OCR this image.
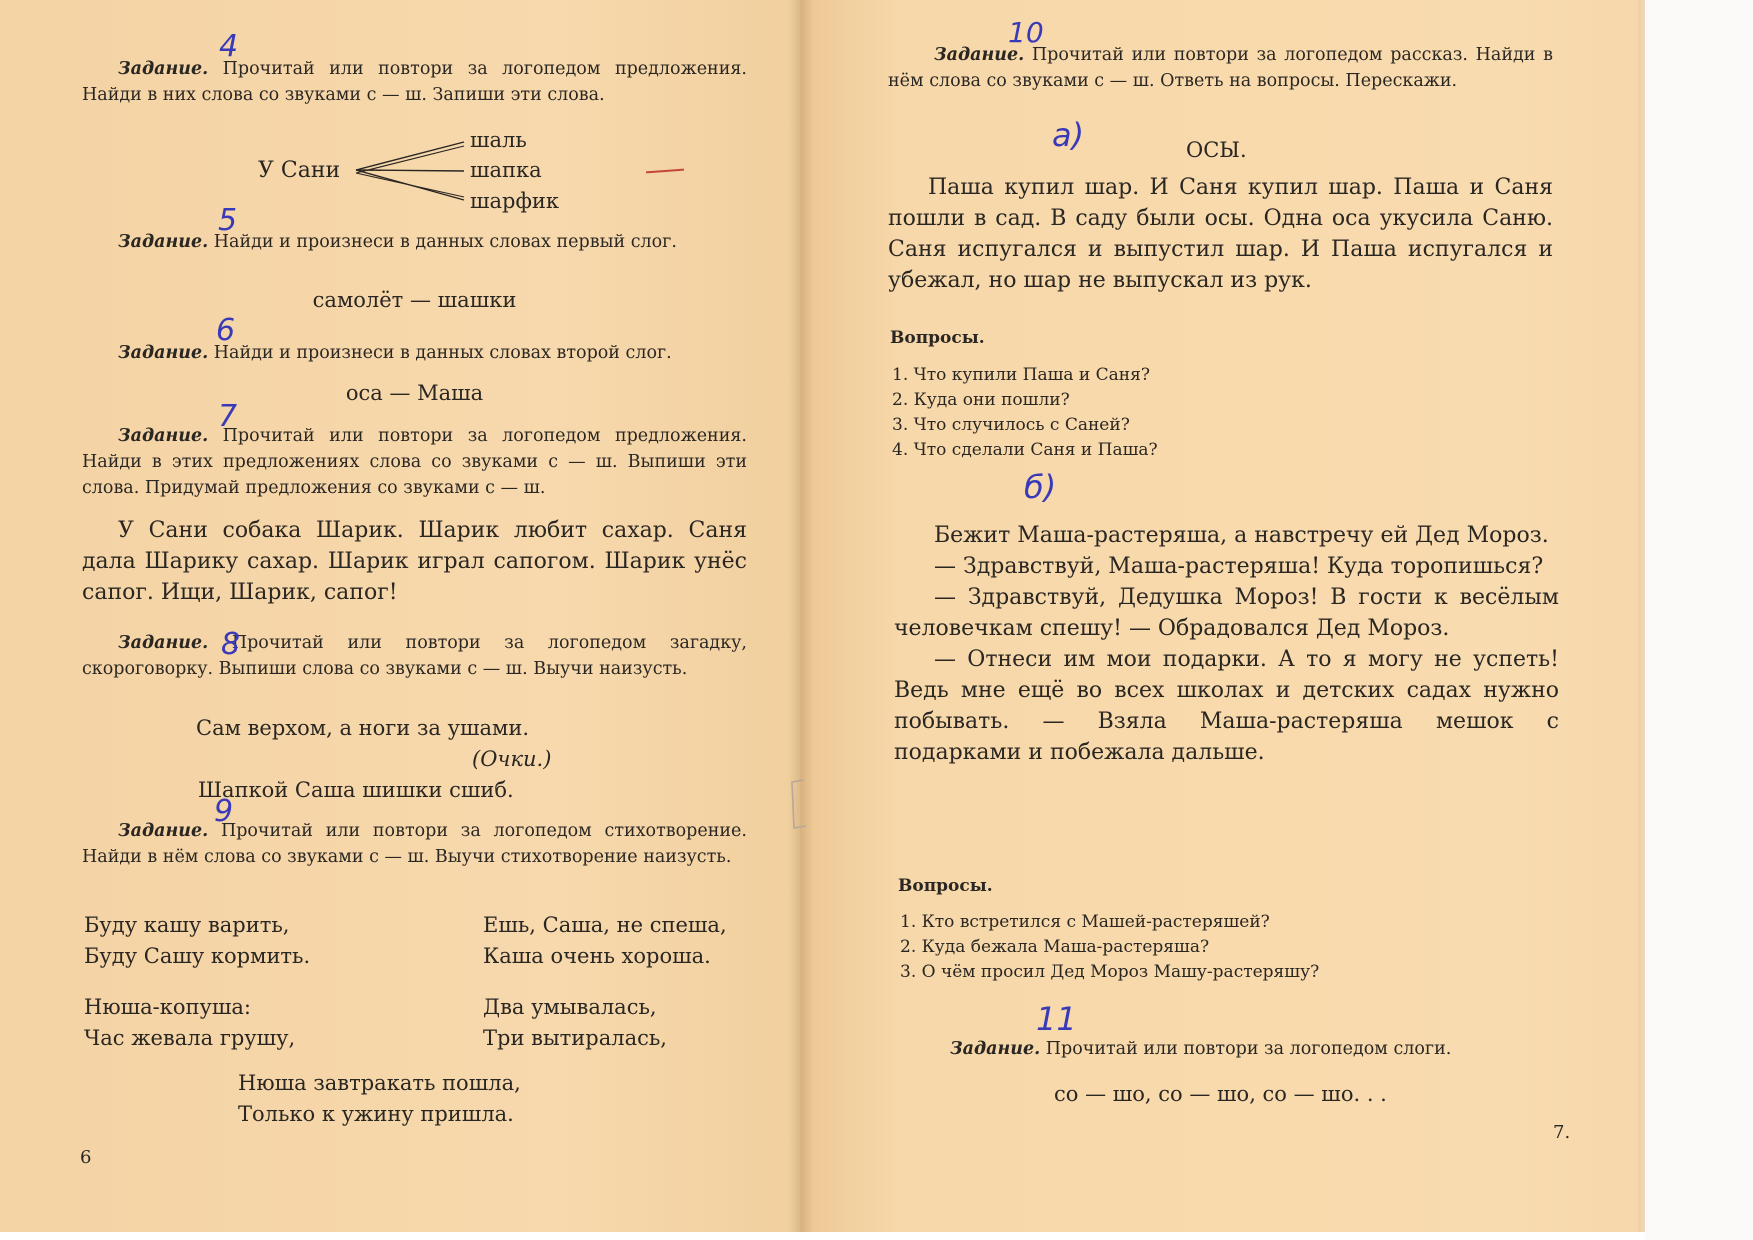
Задание. Прочитай или повтори за логопедом предложения. Найди в них слова со звуками с — ш. Запиши эти слова.
4
У Сани
шаль
шапка
шарфик
Задание. Найди и произнеси в данных словах первый слог.
5
самолёт — шашки
Задание. Найди и произнеси в данных словах второй слог.
6
оса — Маша
Задание. Прочитай или повтори за логопедом предложения. Найди в этих предложениях слова со звуками с — ш. Выпиши эти слова. Придумай предложения со звуками с — ш.
7
У Сани собака Шарик. Шарик любит сахар. Саня дала Шарику сахар. Шарик играл сапогом. Шарик унёс сапог. Ищи, Шарик, сапог!
Задание. Прочитай или повтори за логопедом загадку, скороговорку. Выпиши слова со звуками с — ш. Выучи наизусть.
8
Сам верхом, а ноги за ушами.
(Очки.)
Шапкой Саша шишки сшиб.
Задание. Прочитай или повтори за логопедом стихотворение. Найди в нём слова со звуками с — ш. Выучи стихотворение наизусть.
9
Буду кашу варить,
Буду Сашу кормить.
Ешь, Саша, не спеша,
Каша очень хороша.
Нюша-копуша:
Час жевала грушу,
Два умывалась,
Три вытиралась,
Нюша завтракать пошла,
Только к ужину пришла.
6
Задание. Прочитай или повтори за логопедом рассказ. Найди в нём слова со звуками с — ш. Ответь на вопросы. Перескажи.
10
а)	ОСЫ.
Паша купил шар. И Саня купил шар. Паша и Саня пошли в сад. В саду были осы. Одна оса укусила Саню. Саня испугался и выпустил шар. И Паша испугался и убежал, но шар не выпускал из рук.
Вопросы.
1. Что купили Паша и Саня?
2. Куда они пошли?
3. Что случилось с Саней?
4. Что сделали Саня и Паша?
б)

Бежит Маша-растеряша, а навстречу ей Дед Мороз.

— Здравствуй, Маша-растеряша! Куда торопишься?

— Здравствуй, Дедушка Мороз! В гости к весёлым человечкам спешу! — Обрадовался Дед Мороз.

— Отнеси им мои подарки. А то я могу не успеть! Ведь мне ещё во всех школах и детских садах нужно побывать. — Взяла Маша-растеряша мешок с подарками и побежала дальше.

Вопросы.
1. Кто встретился с Машей-растеряшей?
2. Куда бежала Маша-растеряша?
3. О чём просил Дед Мороз Машу-растеряшу?
Задание. Прочитай или повтори за логопедом слоги.
11
со — шо, со — шо, со — шо. . .
7.
